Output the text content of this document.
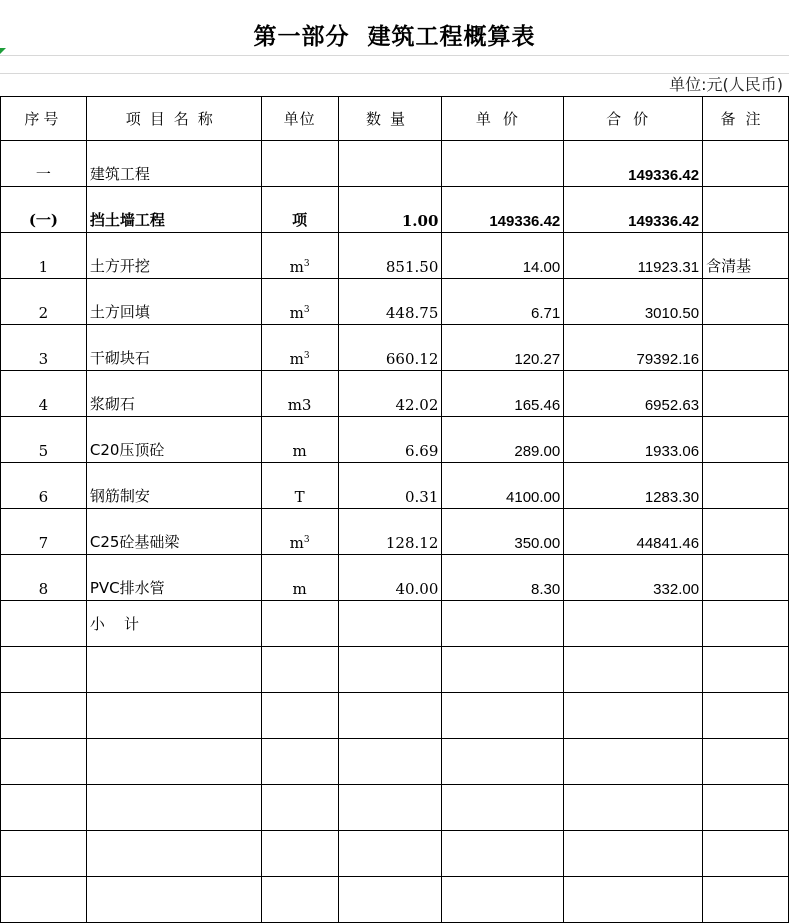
第一部分  建筑工程概算表
单位:元(人民币)
序号	项目名称	单位	数量	单价	合价	备注
一	建筑工程				149336.42	
(一)	挡土墙工程	项	1.00	149336.42	149336.42	
1	土方开挖	$m^3$	851.50	14.00	11923.31	含清基
2	土方回填	$m^3$	448.75	6.71	3010.50	
3	干砌块石	$m^3$	660.12	120.27	79392.16	
4	浆砌石	m3	42.02	165.46	6952.63	
5	C20压顶砼	m	6.69	289.00	1933.06	
6	钢筋制安	T	0.31	4100.00	1283.30	
7	C25砼基础梁	$m^3$	128.12	350.00	44841.46	
8	PVC排水管	m	40.00	8.30	332.00	
	小    计					
